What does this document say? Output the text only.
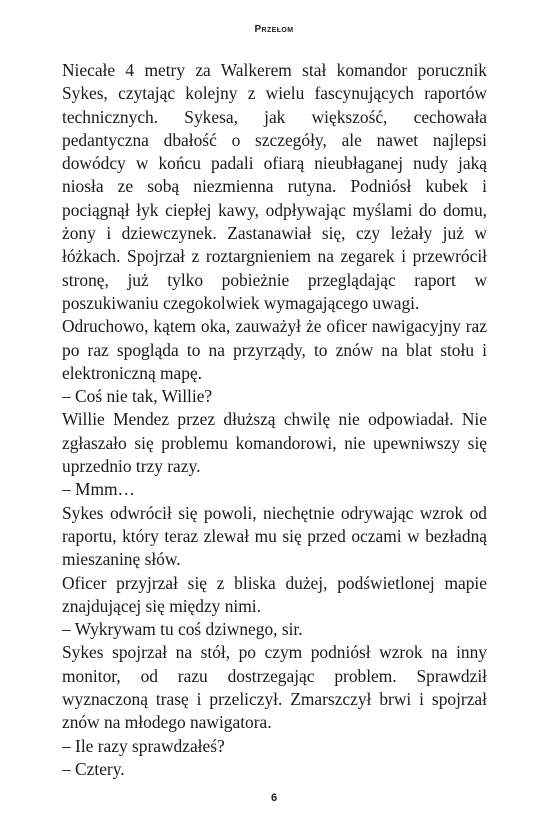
Przełom

Niecałe 4 metry za Walkerem stał komandor porucznik Sykes, czytając kolejny z wielu fascynujących raportów technicznych. Sykesa, jak większość, cechowała pedantyczna dbałość o szczegóły, ale nawet najlepsi dowódcy w końcu padali ofiarą nieubłaganej nudy jaką niosła ze sobą niezmienna rutyna. Podniósł kubek i pociągnął łyk ciepłej kawy, odpływając myślami do domu, żony i dziewczynek. Zastanawiał się, czy leżały już w łóżkach. Spojrzał z roztargnieniem na zegarek i przewrócił stronę, już tylko pobieżnie przeglądając raport w poszukiwaniu czegokolwiek wymagającego uwagi.

Odruchowo, kątem oka, zauważył że oficer nawigacyjny raz po raz spogląda to na przyrządy, to znów na blat stołu i elektroniczną mapę.

– Coś nie tak, Willie?

Willie Mendez przez dłuższą chwilę nie odpowiadał. Nie zgłaszało się problemu komandorowi, nie upewniwszy się uprzednio trzy razy.

– Mmm…

Sykes odwrócił się powoli, niechętnie odrywając wzrok od raportu, który teraz zlewał mu się przed oczami w bezładną mieszaninę słów.

Oficer przyjrzał się z bliska dużej, podświetlonej mapie znajdującej się między nimi.

– Wykrywam tu coś dziwnego, sir.

Sykes spojrzał na stół, po czym podniósł wzrok na inny monitor, od razu dostrzegając problem. Sprawdził wyznaczoną trasę i przeliczył. Zmarszczył brwi i spojrzał znów na młodego nawigatora.

– Ile razy sprawdzałeś?

– Cztery.

6
